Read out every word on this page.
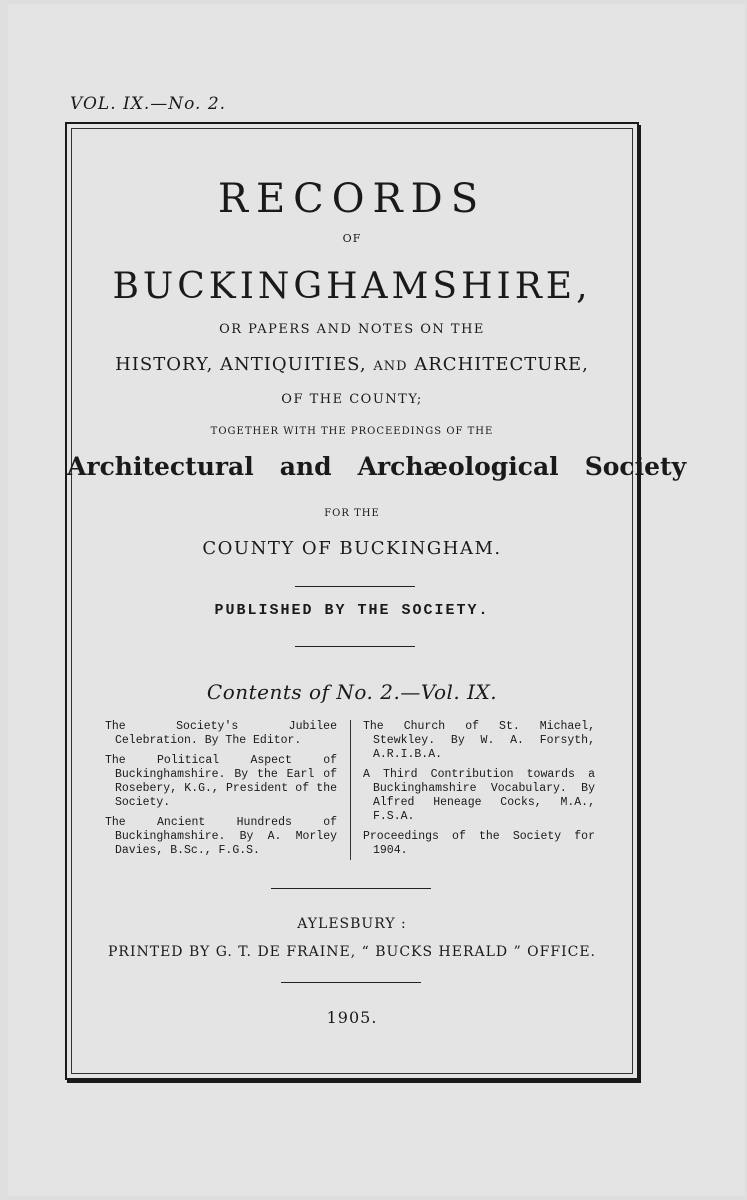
VOL. IX.—No. 2.
RECORDS
OF
BUCKINGHAMSHIRE,
OR PAPERS AND NOTES ON THE
HISTORY, ANTIQUITIES, AND ARCHITECTURE,
OF THE COUNTY;
TOGETHER WITH THE PROCEEDINGS OF THE
Architectural and Archæological Society
FOR THE
COUNTY OF BUCKINGHAM.
PUBLISHED BY THE SOCIETY.
Contents of No. 2.—Vol. IX.
The Society's Jubilee Celebration. By The Editor.
The Political Aspect of Buckinghamshire. By the Earl of Rosebery, K.G., President of the Society.
The Ancient Hundreds of Buckinghamshire. By A. Morley Davies, B.Sc., F.G.S.
The Church of St. Michael, Stewkley. By W. A. Forsyth, A.R.I.B.A.
A Third Contribution towards a Buckinghamshire Vocabulary. By Alfred Heneage Cocks, M.A., F.S.A.
Proceedings of the Society for 1904.
AYLESBURY :
PRINTED BY G. T. DE FRAINE, “ BUCKS HERALD ” OFFICE.
1905.
